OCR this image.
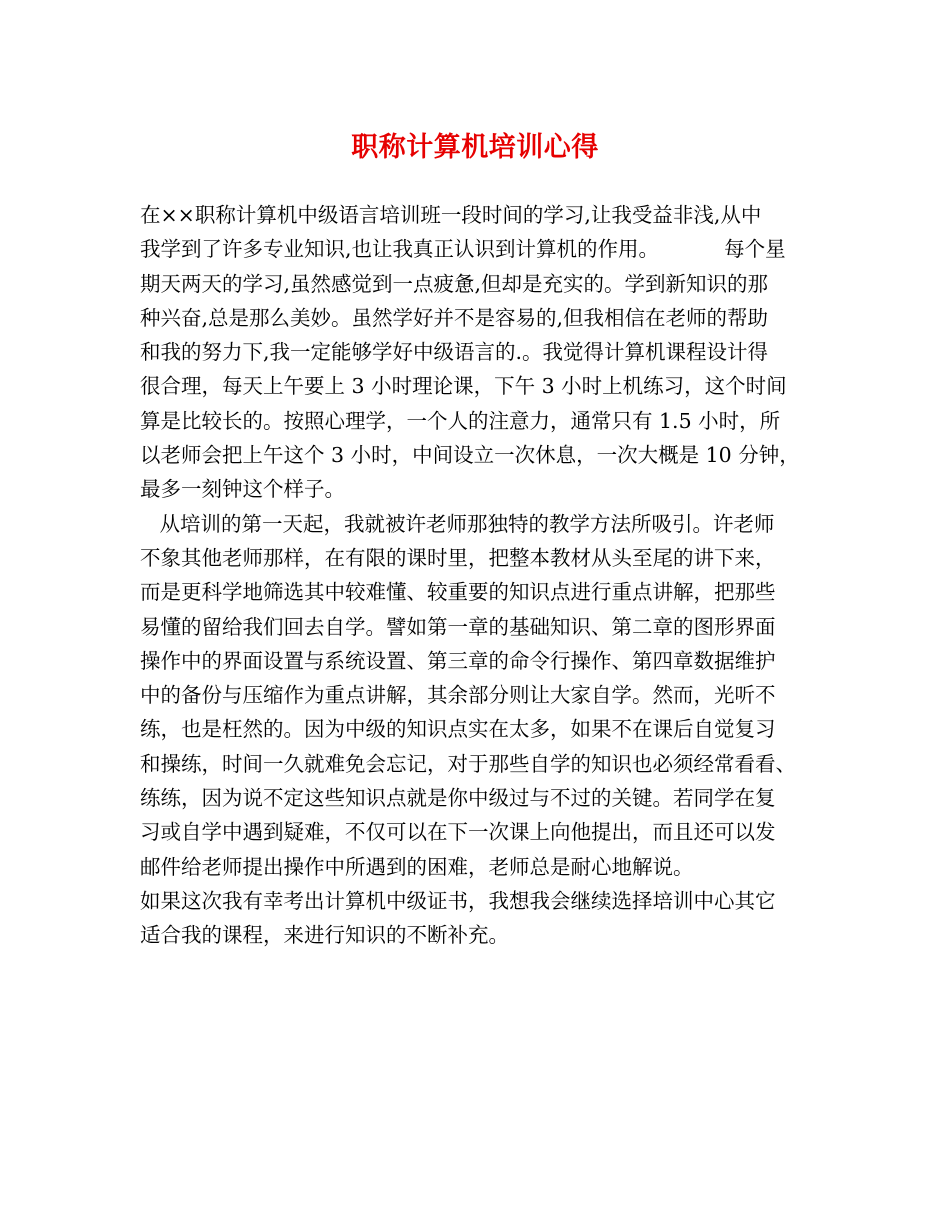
职称计算机培训心得
在××职称计算机中级语言培训班一段时间的学习,让我受益非浅,从中
我学到了许多专业知识,也让我真正认识到计算机的作用。          每个星
期天两天的学习,虽然感觉到一点疲惫,但却是充实的。学到新知识的那
种兴奋,总是那么美妙。虽然学好并不是容易的,但我相信在老师的帮助
和我的努力下,我一定能够学好中级语言的.。我觉得计算机课程设计得
很合理，每天上午要上 3 小时理论课，下午 3 小时上机练习，这个时间
算是比较长的。按照心理学，一个人的注意力，通常只有 1.5 小时，所
以老师会把上午这个 3 小时，中间设立一次休息，一次大概是 10 分钟，
最多一刻钟这个样子。
从培训的第一天起，我就被许老师那独特的教学方法所吸引。许老师
不象其他老师那样，在有限的课时里，把整本教材从头至尾的讲下来，
而是更科学地筛选其中较难懂、较重要的知识点进行重点讲解，把那些
易懂的留给我们回去自学。譬如第一章的基础知识、第二章的图形界面
操作中的界面设置与系统设置、第三章的命令行操作、第四章数据维护
中的备份与压缩作为重点讲解，其余部分则让大家自学。然而，光听不
练，也是枉然的。因为中级的知识点实在太多，如果不在课后自觉复习
和操练，时间一久就难免会忘记，对于那些自学的知识也必须经常看看、
练练，因为说不定这些知识点就是你中级过与不过的关键。若同学在复
习或自学中遇到疑难，不仅可以在下一次课上向他提出，而且还可以发
邮件给老师提出操作中所遇到的困难，老师总是耐心地解说。
如果这次我有幸考出计算机中级证书，我想我会继续选择培训中心其它
适合我的课程，来进行知识的不断补充。
